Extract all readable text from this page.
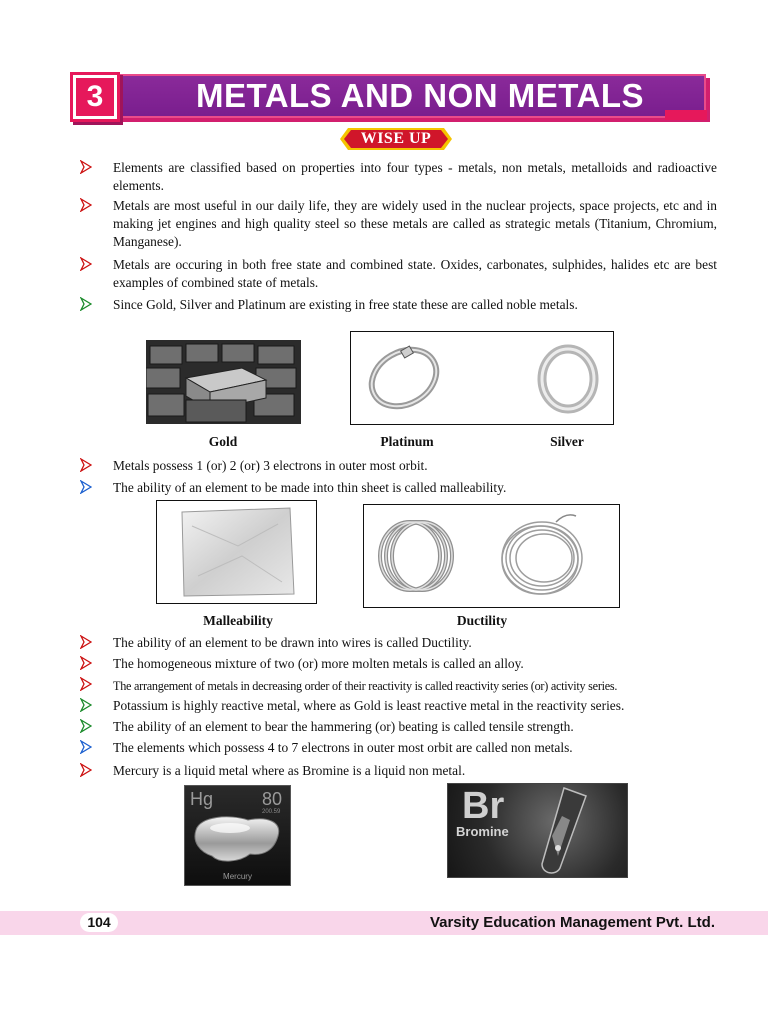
METALS AND NON METALS
3
WISE UP
Elements are classified based on properties into four types - metals, non metals, metalloids and radioactive elements.
Metals are most useful in our daily life, they are widely used in the nuclear projects, space projects, etc and in making jet engines and high quality steel so these metals are called as strategic metals (Titanium, Chromium, Manganese).
Metals are occuring in both free state and combined state. Oxides, carbonates, sulphides, halides etc are best examples of combined state of metals.
Since Gold, Silver and Platinum are existing in free state these are called noble metals.
Gold	Platinum	Silver
Metals possess 1 (or) 2 (or) 3 electrons in outer most orbit.
The ability of an element to be made into thin sheet is called malleability.
Malleability	Ductility
The ability of an element to be drawn into wires is called Ductility.
The homogeneous mixture of two (or) more molten metals is called an alloy.
The arrangement of metals in decreasing order of their reactivity is called reactivity series (or) activity series.
Potassium is highly reactive metal, where as Gold is least reactive metal in the reactivity series.
The ability of an element to bear the hammering (or) beating is called tensile strength.
The elements which possess 4 to 7 electrons in outer most orbit are called non metals.
Mercury is a liquid metal where as Bromine is a liquid non metal.
Hg	80
200.59
Mercury
Br
Bromine
104	Varsity Education Management Pvt. Ltd.
